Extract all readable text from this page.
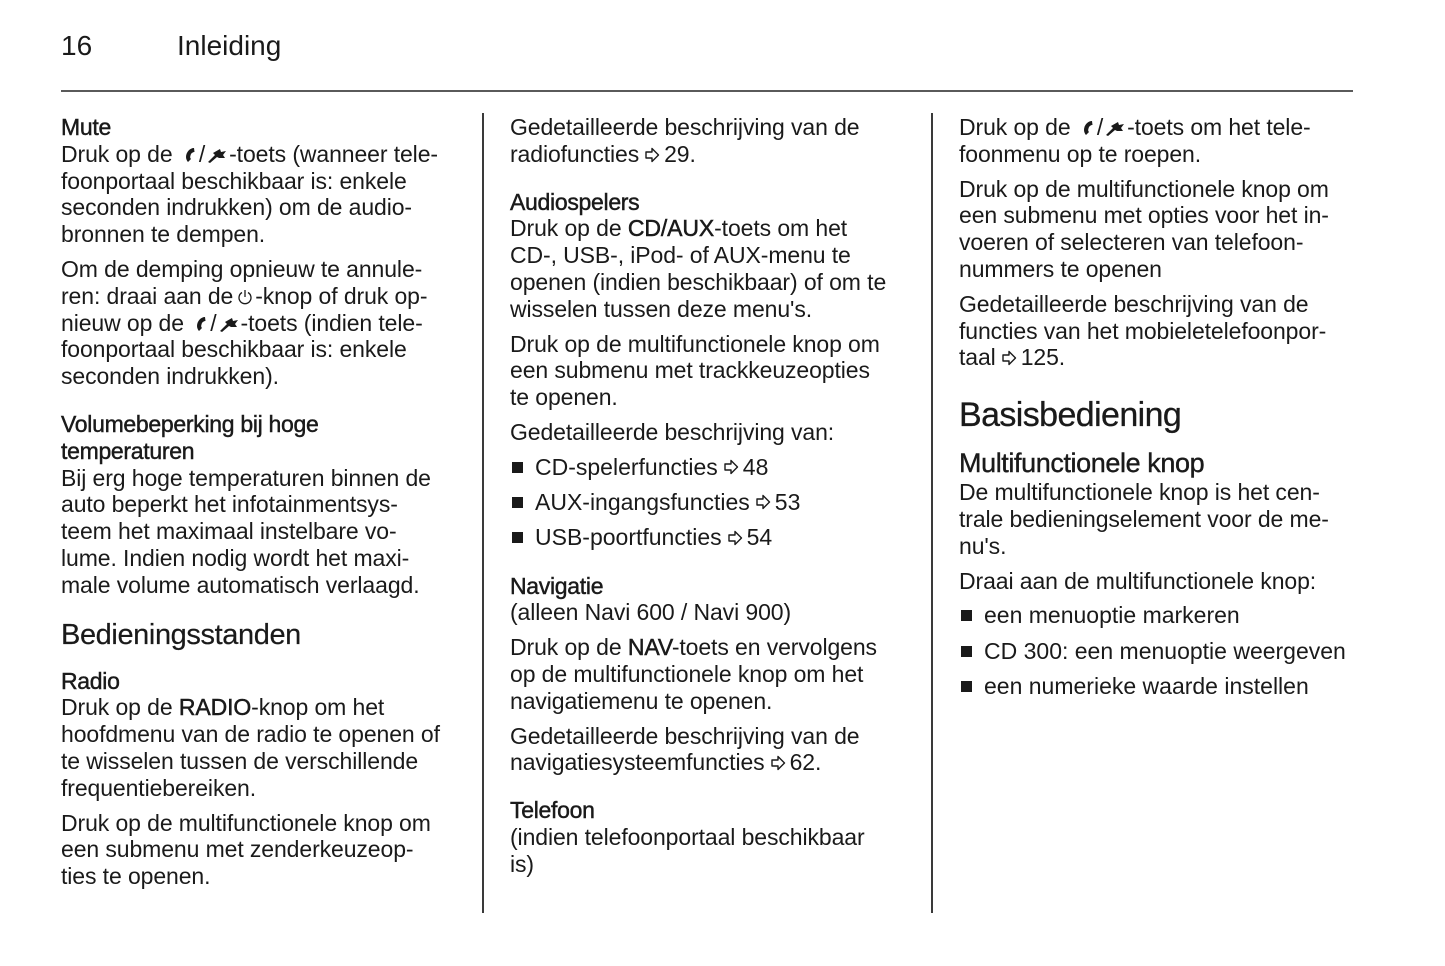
16	Inleiding
Mute
Druk op de / -toets (wanneer tele-
foonportaal beschikbaar is: enkele
seconden indrukken) om de audio-
bronnen te dempen.
Om de demping opnieuw te annule-
ren: draai aan de -knop of druk op-
nieuw op de / -toets (indien tele-
foonportaal beschikbaar is: enkele
seconden indrukken).
Volumebeperking bij hoge
temperaturen
Bij erg hoge temperaturen binnen de
auto beperkt het infotainmentsys-
teem het maximaal instelbare vo-
lume. Indien nodig wordt het maxi-
male volume automatisch verlaagd.
Bedieningsstanden
Radio
Druk op de RADIO-knop om het
hoofdmenu van de radio te openen of
te wisselen tussen de verschillende
frequentiebereiken.
Druk op de multifunctionele knop om
een submenu met zenderkeuzeop-
ties te openen.
Gedetailleerde beschrijving van de
radiofuncties 29.
Audiospelers
Druk op de CD/AUX-toets om het
CD-, USB-, iPod- of AUX-menu te
openen (indien beschikbaar) of om te
wisselen tussen deze menu's.
Druk op de multifunctionele knop om
een submenu met trackkeuzeopties
te openen.
Gedetailleerde beschrijving van:
CD-spelerfuncties 48
AUX-ingangsfuncties 53
USB-poortfuncties 54
Navigatie
(alleen Navi 600 / Navi 900)
Druk op de NAV-toets en vervolgens
op de multifunctionele knop om het
navigatiemenu te openen.
Gedetailleerde beschrijving van de
navigatiesysteemfuncties 62.
Telefoon
(indien telefoonportaal beschikbaar
is)
Druk op de / -toets om het tele-
foonmenu op te roepen.
Druk op de multifunctionele knop om
een submenu met opties voor het in-
voeren of selecteren van telefoon-
nummers te openen
Gedetailleerde beschrijving van de
functies van het mobieletelefoonpor-
taal 125.
Basisbediening
Multifunctionele knop
De multifunctionele knop is het cen-
trale bedieningselement voor de me-
nu's.
Draai aan de multifunctionele knop:
een menuoptie markeren
CD 300: een menuoptie weergeven
een numerieke waarde instellen
